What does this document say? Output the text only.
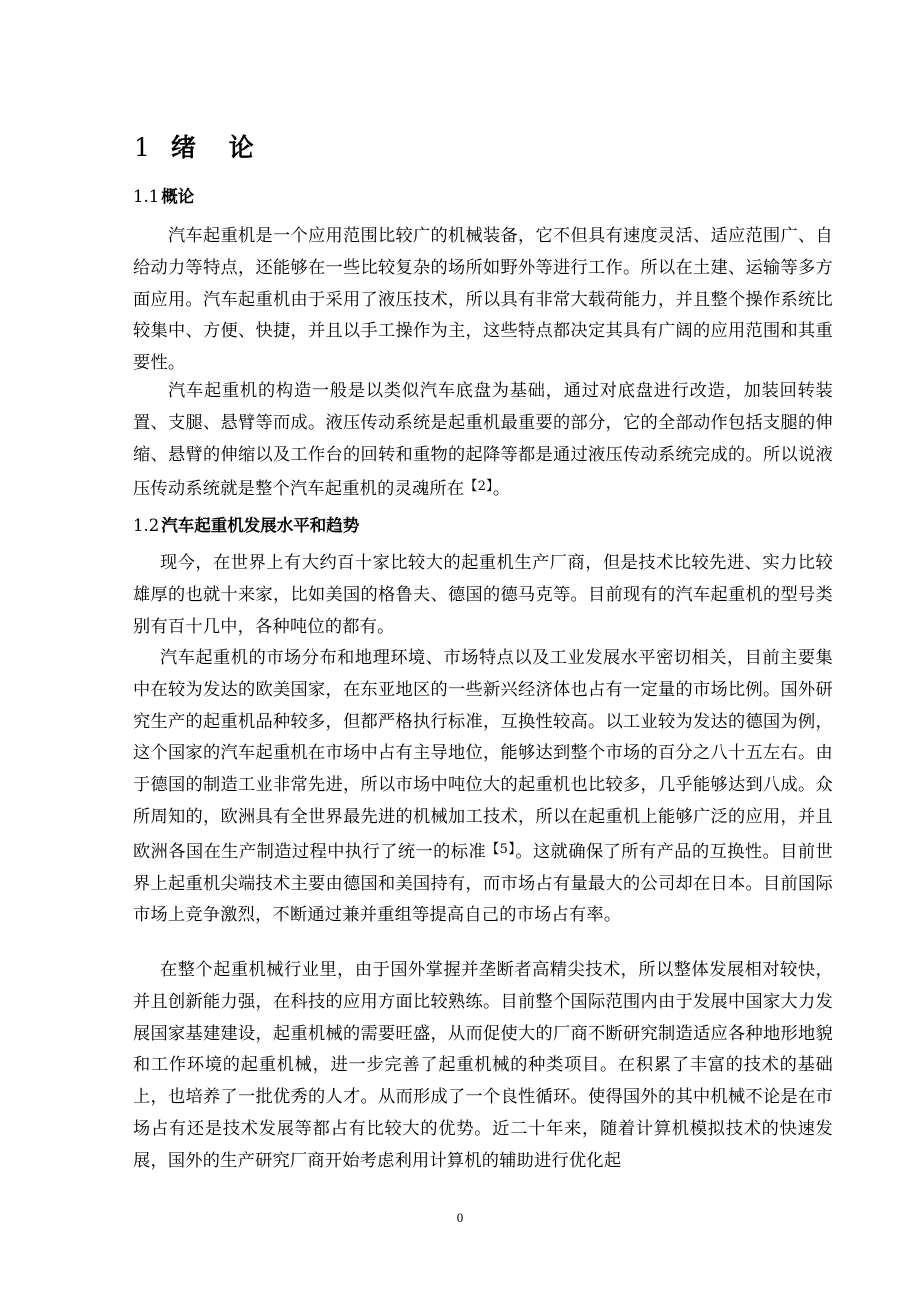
1 绪 论
1.1 概论
汽车起重机是一个应用范围比较广的机械装备，它不但具有速度灵活、适应范围广、自给动力等特点，还能够在一些比较复杂的场所如野外等进行工作。所以在土建、运输等多方面应用。汽车起重机由于采用了液压技术，所以具有非常大载荷能力，并且整个操作系统比较集中、方便、快捷，并且以手工操作为主，这些特点都决定其具有广阔的应用范围和其重要性。
汽车起重机的构造一般是以类似汽车底盘为基础，通过对底盘进行改造，加装回转装置、支腿、悬臂等而成。液压传动系统是起重机最重要的部分，它的全部动作包括支腿的伸缩、悬臂的伸缩以及工作台的回转和重物的起降等都是通过液压传动系统完成的。所以说液压传动系统就是整个汽车起重机的灵魂所在$^{【2】}$。
1.2 汽车起重机发展水平和趋势
现今，在世界上有大约百十家比较大的起重机生产厂商，但是技术比较先进、实力比较雄厚的也就十来家，比如美国的格鲁夫、德国的德马克等。目前现有的汽车起重机的型号类别有百十几中，各种吨位的都有。
汽车起重机的市场分布和地理环境、市场特点以及工业发展水平密切相关，目前主要集中在较为发达的欧美国家，在东亚地区的一些新兴经济体也占有一定量的市场比例。国外研究生产的起重机品种较多，但都严格执行标准，互换性较高。以工业较为发达的德国为例，这个国家的汽车起重机在市场中占有主导地位，能够达到整个市场的百分之八十五左右。由于德国的制造工业非常先进，所以市场中吨位大的起重机也比较多，几乎能够达到八成。众所周知的，欧洲具有全世界最先进的机械加工技术，所以在起重机上能够广泛的应用，并且欧洲各国在生产制造过程中执行了统一的标准$^{【5】}$。这就确保了所有产品的互换性。目前世界上起重机尖端技术主要由德国和美国持有，而市场占有量最大的公司却在日本。目前国际市场上竞争激烈，不断通过兼并重组等提高自己的市场占有率。
在整个起重机械行业里，由于国外掌握并垄断者高精尖技术，所以整体发展相对较快，并且创新能力强，在科技的应用方面比较熟练。目前整个国际范围内由于发展中国家大力发展国家基建建设，起重机械的需要旺盛，从而促使大的厂商不断研究制造适应各种地形地貌和工作环境的起重机械，进一步完善了起重机械的种类项目。在积累了丰富的技术的基础上，也培养了一批优秀的人才。从而形成了一个良性循环。使得国外的其中机械不论是在市场占有还是技术发展等都占有比较大的优势。近二十年来，随着计算机模拟技术的快速发展，国外的生产研究厂商开始考虑利用计算机的辅助进行优化起
0
